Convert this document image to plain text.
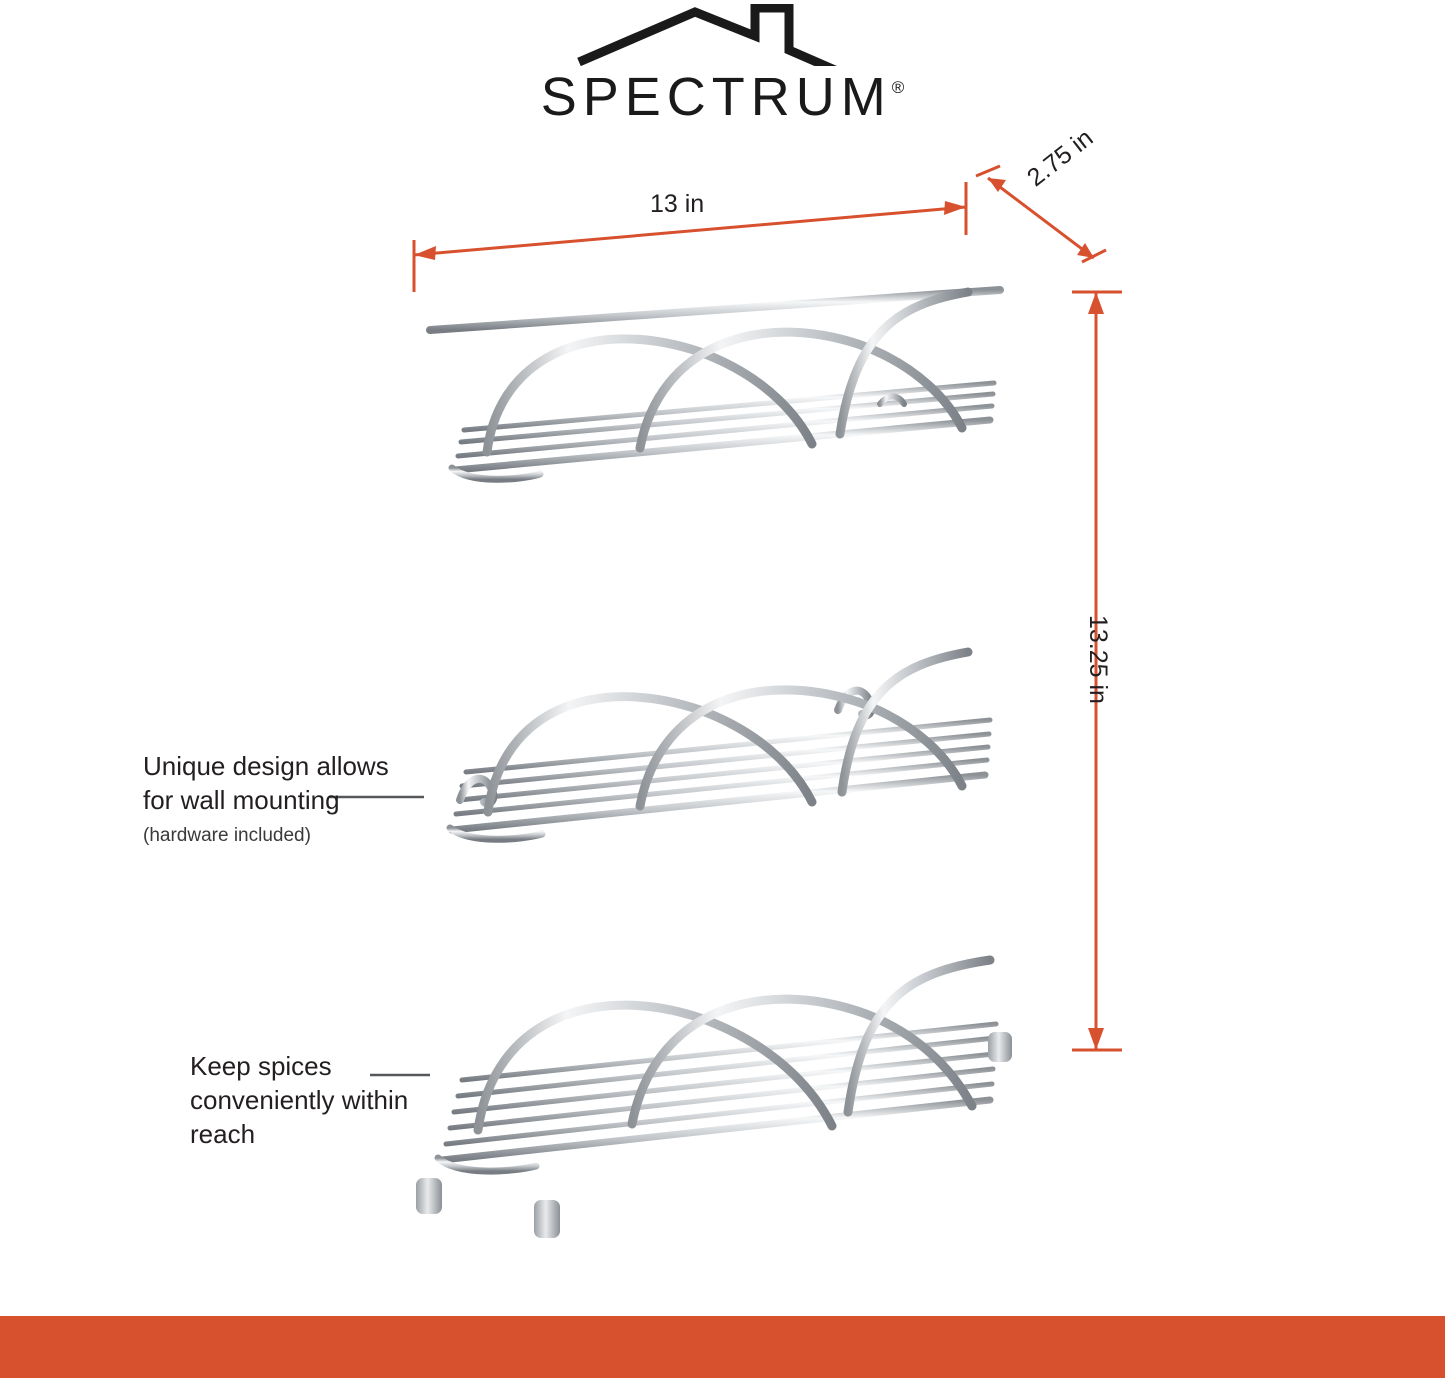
SPECTRUM®
13 in
2.75 in
13.25 in
Unique design allows for wall mounting
(hardware included)
Keep spices conveniently within reach
